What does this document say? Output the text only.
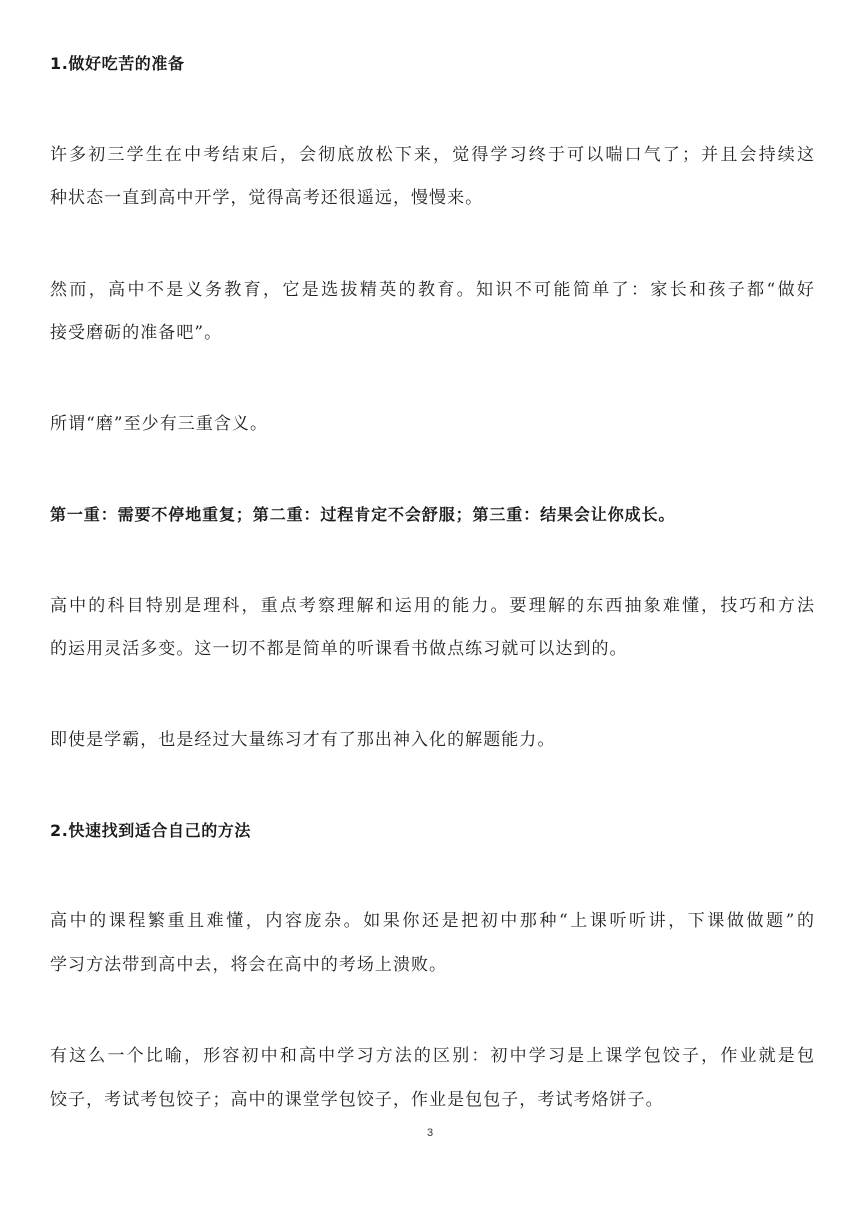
1.做好吃苦的准备
许多初三学生在中考结束后，会彻底放松下来，觉得学习终于可以喘口气了；并且会持续这
种状态一直到高中开学，觉得高考还很遥远，慢慢来。
然而，高中不是义务教育，它是选拔精英的教育。知识不可能简单了：家长和孩子都“做好
接受磨砺的准备吧”。
所谓“磨”至少有三重含义。
第一重：需要不停地重复；第二重：过程肯定不会舒服；第三重：结果会让你成长。
高中的科目特别是理科，重点考察理解和运用的能力。要理解的东西抽象难懂，技巧和方法
的运用灵活多变。这一切不都是简单的听课看书做点练习就可以达到的。
即使是学霸，也是经过大量练习才有了那出神入化的解题能力。
2.快速找到适合自己的方法
高中的课程繁重且难懂，内容庞杂。如果你还是把初中那种“上课听听讲，下课做做题”的
学习方法带到高中去，将会在高中的考场上溃败。
有这么一个比喻，形容初中和高中学习方法的区别：初中学习是上课学包饺子，作业就是包
饺子，考试考包饺子；高中的课堂学包饺子，作业是包包子，考试考烙饼子。
3
